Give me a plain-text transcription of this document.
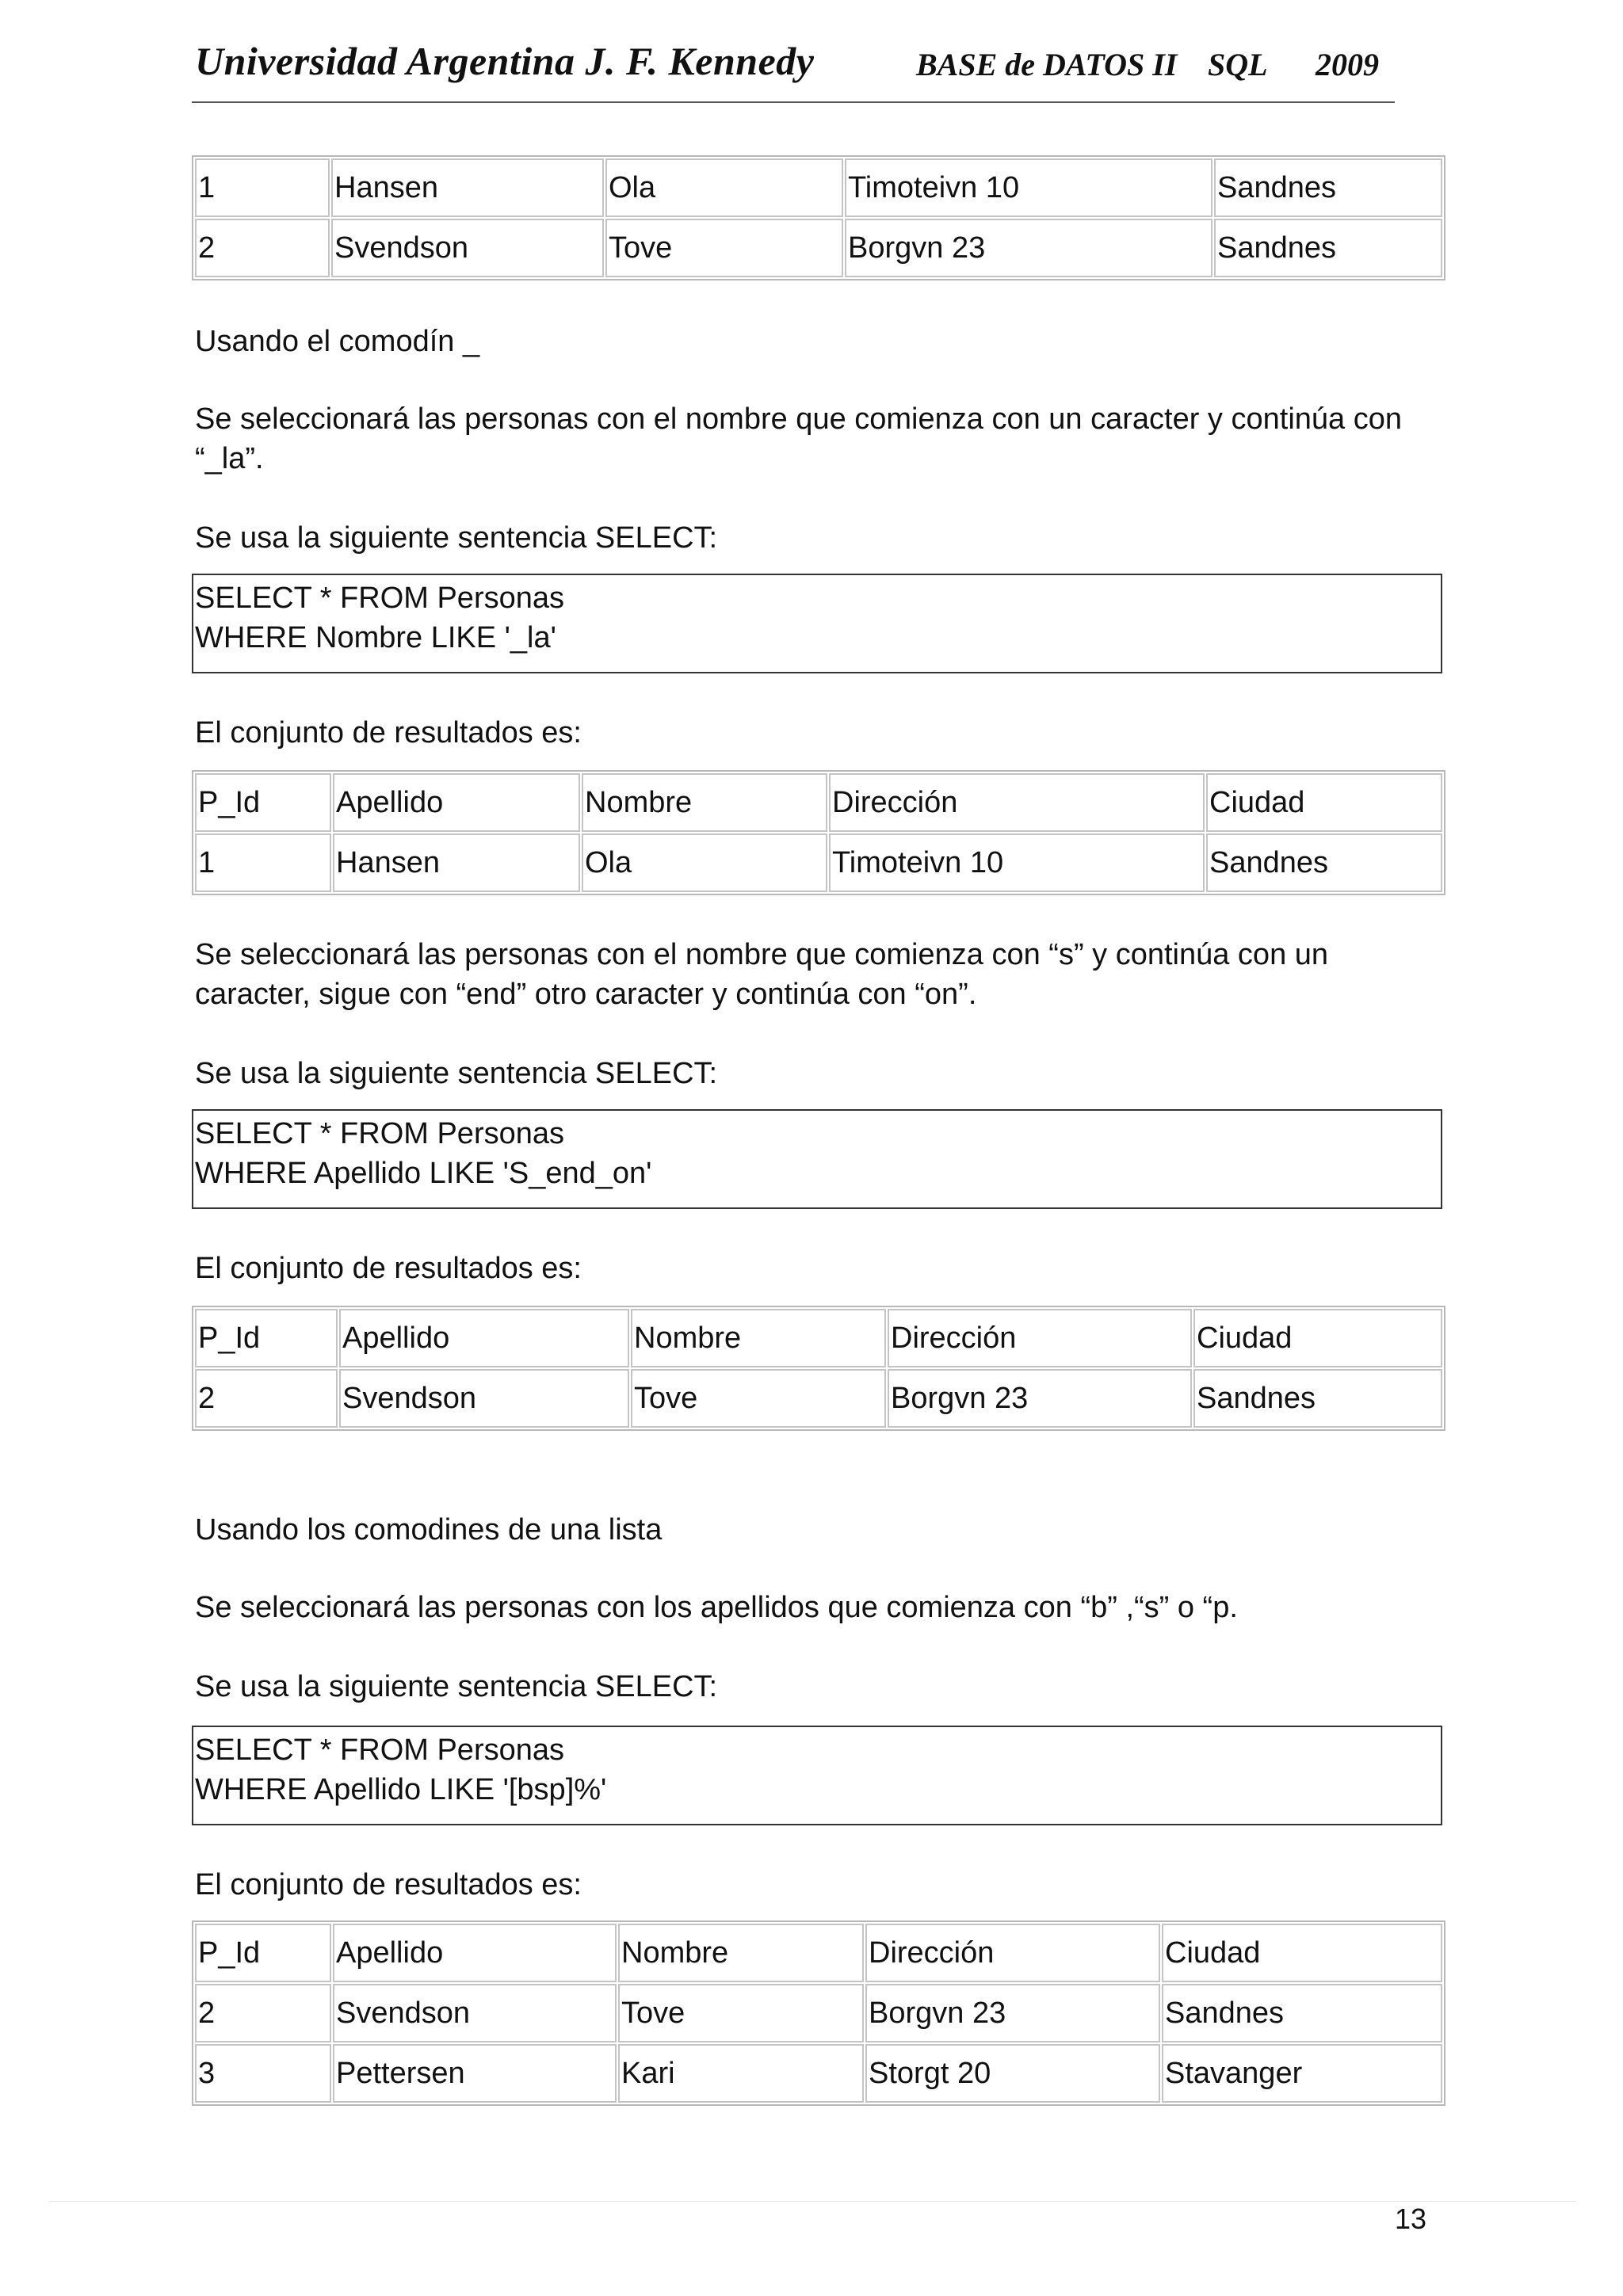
Universidad Argentina J. F. Kennedy	BASE de DATOS II SQL 2009
1	Hansen	Ola	Timoteivn 10	Sandnes
2	Svendson	Tove	Borgvn 23	Sandnes
Usando el comodín _
Se seleccionará las personas con el nombre que comienza con un caracter y continúa con
“_la”.
Se usa la siguiente sentencia SELECT:
SELECT * FROM Personas
WHERE Nombre LIKE '_la'
El conjunto de resultados es:
P_Id	Apellido	Nombre	Dirección	Ciudad
1	Hansen	Ola	Timoteivn 10	Sandnes
Se seleccionará las personas con el nombre que comienza con “s” y continúa con un
caracter, sigue con “end” otro caracter y continúa con “on”.
Se usa la siguiente sentencia SELECT:
SELECT * FROM Personas
WHERE Apellido LIKE 'S_end_on'
El conjunto de resultados es:
P_Id	Apellido	Nombre	Dirección	Ciudad
2	Svendson	Tove	Borgvn 23	Sandnes
Usando los comodines de una lista
Se seleccionará las personas con los apellidos que comienza con “b” ,“s” o “p.
Se usa la siguiente sentencia SELECT:
SELECT * FROM Personas
WHERE Apellido LIKE '[bsp]%'
El conjunto de resultados es:
P_Id	Apellido	Nombre	Dirección	Ciudad
2	Svendson	Tove	Borgvn 23	Sandnes
3	Pettersen	Kari	Storgt 20	Stavanger
13
